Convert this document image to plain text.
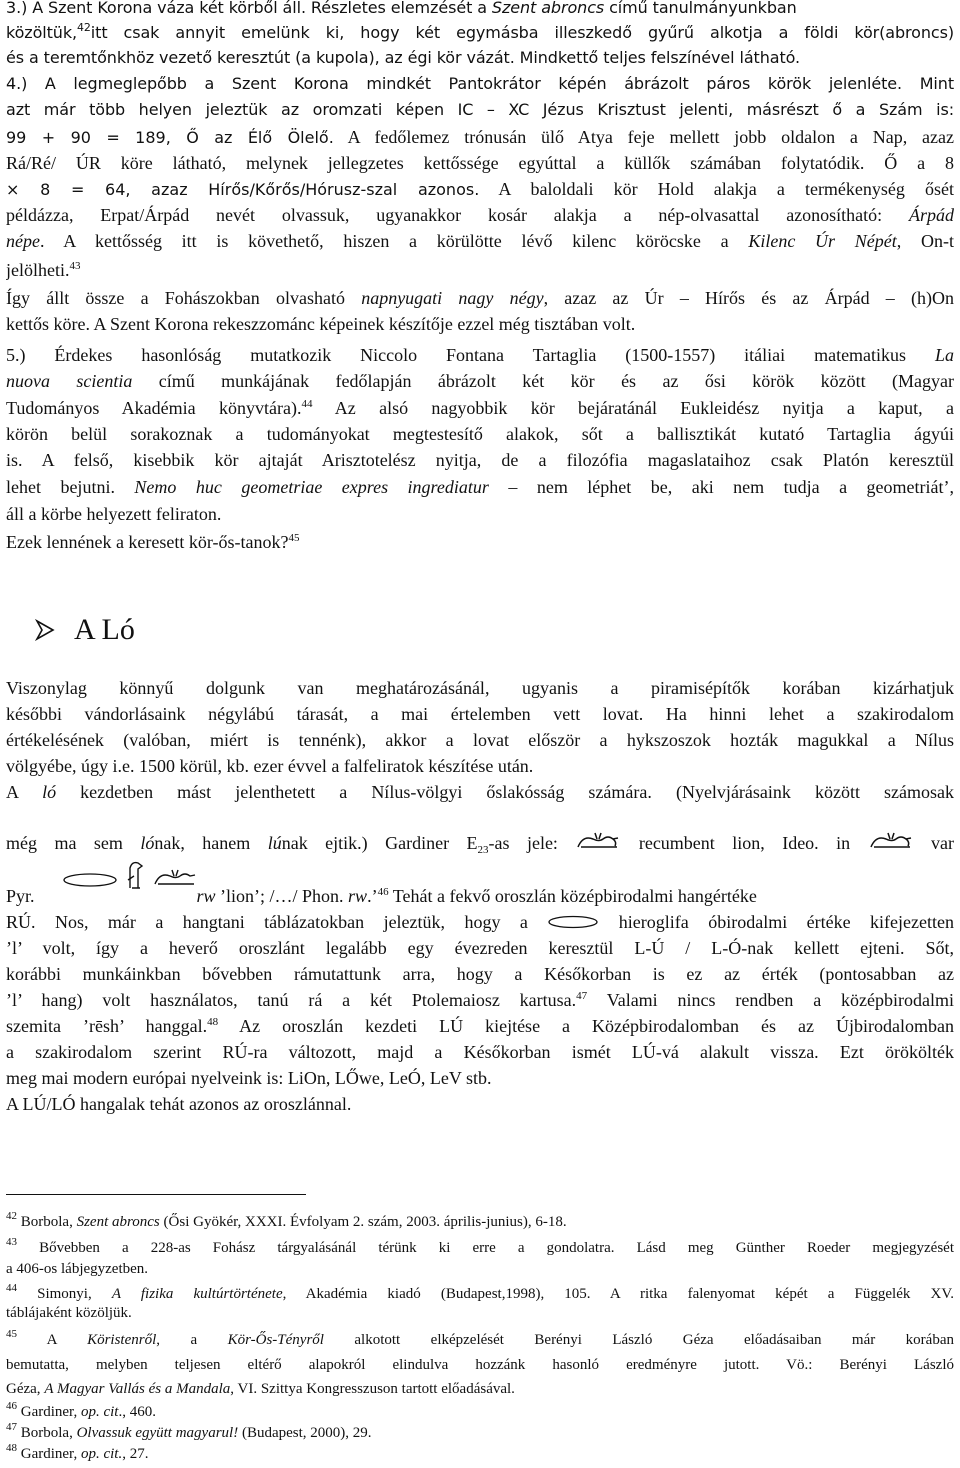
3.) A Szent Korona váza két körből áll. Részletes elemzését a Szent abroncs című tanulmányunkban
közöltük,$^{42}$itt csak annyit emelünk ki, hogy két egymásba illeszkedő gyűrű alkotja a földi kör(abroncs)
és a teremtőnkhöz vezető keresztút (a kupola), az égi kör vázát. Mindkettő teljes felszínével látható.
4.) A legmeglepőbb a Szent Korona mindkét Pantokrátor képén ábrázolt páros körök jelenléte. Mint
azt már több helyen jeleztük az oromzati képen IC – XC Jézus Krisztust jelenti, másrészt ő a Szám is:
99 + 90 = 189, Ő az Élő Ölelő. A fedőlemez trónusán ülő Atya feje mellett jobb oldalon a Nap, azaz
Rá/Ré/ ÚR köre látható, melynek jellegzetes kettőssége egyúttal a küllők számában folytatódik. Ő a 8
× 8 = 64, azaz Hírős/Kőrős/Hórusz-szal azonos. A baloldali kör Hold alakja a termékenység ősét
példázza, Erpat/Árpád nevét olvassuk, ugyanakkor kosár alakja a nép-olvasattal azonosítható: Árpád
népe. A kettősség itt is követhető, hiszen a körülötte lévő kilenc köröcske a Kilenc Úr Népét, On-t
jelölheti.$^{43}$
Így állt össze a Fohászokban olvasható napnyugati nagy négy, azaz az Úr – Hírős és az Árpád – (h)On
kettős köre. A Szent Korona rekeszzománc képeinek készítője ezzel még tisztában volt.
5.) Érdekes hasonlóság mutatkozik Niccolo Fontana Tartaglia (1500-1557) itáliai matematikus La
nuova scientia című munkájának fedőlapján ábrázolt két kör és az ősi körök között (Magyar
Tudományos Akadémia könyvtára).$^{44}$ Az alsó nagyobbik kör bejáratánál Eukleidész nyitja a kaput, a
körön belül sorakoznak a tudományokat megtestesítő alakok, sőt a ballisztikát kutató Tartaglia ágyúi
is. A felső, kisebbik kör ajtaját Arisztotelész nyitja, de a filozófia magaslataihoz csak Platón keresztül
lehet bejutni. Nemo huc geometriae expres ingrediatur – nem léphet be, aki nem tudja a geometriát’,
áll a körbe helyezett feliraton.
Ezek lennének a keresett kör-ős-tanok?$^{45}$
A Ló
Viszonylag könnyű dolgunk van meghatározásánál, ugyanis a piramisépítők korában kizárhatjuk
későbbi vándorlásaink négylábú tárasát, a mai értelemben vett lovat. Ha hinni lehet a szakirodalom
értékelésének (valóban, miért is tennénk), akkor a lovat először a hykszoszok hozták magukkal a Nílus
völgyébe, úgy i.e. 1500 körül, kb. ezer évvel a falfeliratok készítése után.
A ló kezdetben mást jelenthetett a Nílus-völgyi őslakósság számára. (Nyelvjárásaink között számosak
még ma sem lónak, hanem lúnak ejtik.) Gardiner $E_{23}-as$ jele:	recumbent lion, Ideo. in	var
Pyr.	rw ’lion’; /…/ Phon. rw.’$^{46}$ Tehát a fekvő oroszlán középbirodalmi hangértéke
RÚ. Nos, már a hangtani táblázatokban jeleztük, hogy a	hieroglifa óbirodalmi értéke kifejezetten
’l’ volt, így a heverő oroszlánt legalább egy évezreden keresztül L-Ú / L-Ó-nak kellett ejteni. Sőt,
korábbi munkáinkban bővebben rámutattunk arra, hogy a Későkorban is ez az érték (pontosabban az
’l’ hang) volt használatos, tanú rá a két Ptolemaiosz kartusa.$^{47}$ Valami nincs rendben a középbirodalmi
szemita ’rēsh’ hanggal.$^{48}$ Az oroszlán kezdeti LÚ kiejtése a Középbirodalomban és az Újbirodalomban
a szakirodalom szerint RÚ-ra változott, majd a Későkorban ismét LÚ-vá alakult vissza. Ezt örökölték
meg mai modern európai nyelveink is: LiOn, LŐwe, LeÓ, LeV stb.
A LÚ/LÓ hangalak tehát azonos az oroszlánnal.
$^{42}$ Borbola, Szent abroncs (Ősi Gyökér, XXXI. Évfolyam 2. szám, 2003. április-junius), 6-18.
$^{43}$ Bővebben a 228-as Fohász tárgyalásánál térünk ki erre a gondolatra. Lásd meg Günther Roeder megjegyzését
a 406-os lábjegyzetben.
$^{44}$ Simonyi, A fizika kultúrtörténete, Akadémia kiadó (Budapest,1998), 105. A ritka falenyomat képét a Függelék XV.
táblájaként közöljük.
$^{45}$ A Köristenről, a Kör-Ős-Tényről alkotott elképzelését Berényi László Géza előadásaiban már korában
bemutatta, melyben teljesen eltérő alapokról elindulva hozzánk hasonló eredményre jutott. Vö.: Berényi László
Géza, A Magyar Vallás és a Mandala, VI. Szittya Kongresszuson tartott előadásával.
$^{46}$ Gardiner, op. cit., 460.
$^{47}$ Borbola, Olvassuk együtt magyarul! (Budapest, 2000), 29.
$^{48}$ Gardiner, op. cit., 27.
